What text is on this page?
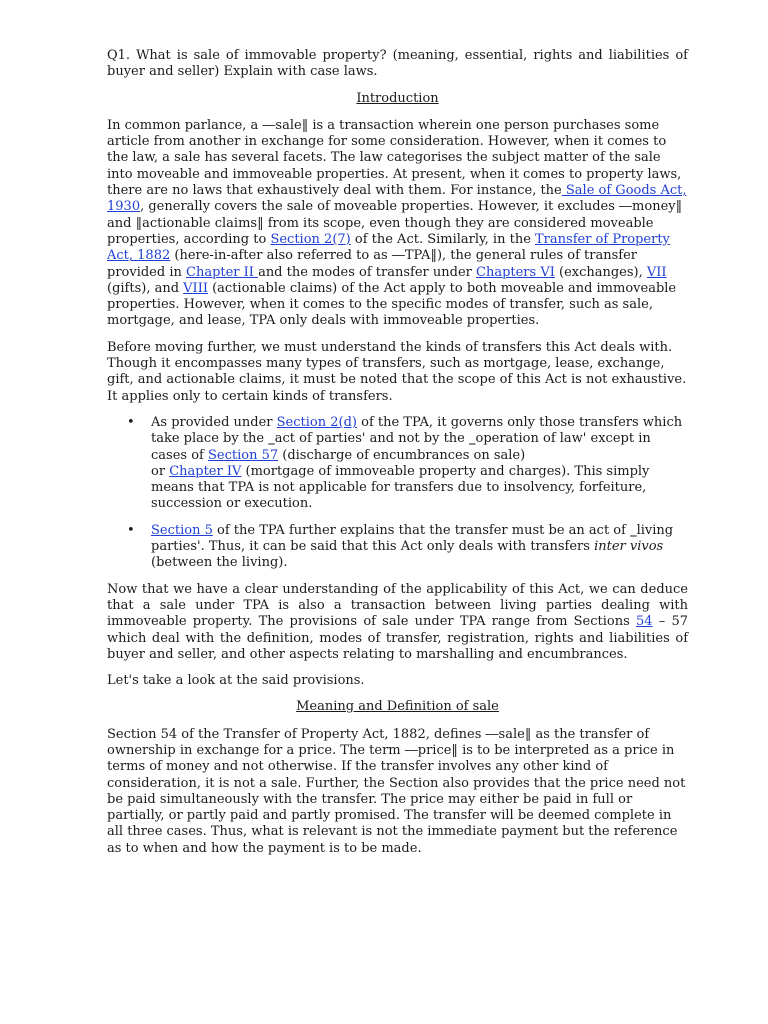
Q1. What is sale of immovable property? (meaning, essential, rights and liabilities of buyer and seller) Explain with case laws.

Introduction

In common parlance, a ―sale‖ is a transaction wherein one person purchases some article from another in exchange for some consideration. However, when it comes to the law, a sale has several facets. The law categorises the subject matter of the sale into moveable and immoveable properties. At present, when it comes to property laws, there are no laws that exhaustively deal with them. For instance, the Sale of Goods Act, 1930, generally covers the sale of moveable properties. However, it excludes ―money‖ and ‖actionable claims‖ from its scope, even though they are considered moveable properties, according to Section 2(7) of the Act. Similarly, in the Transfer of Property Act, 1882 (here-in-after also referred to as ―TPA‖), the general rules of transfer provided in Chapter II and the modes of transfer under Chapters VI (exchanges), VII (gifts), and VIII (actionable claims) of the Act apply to both moveable and immoveable properties. However, when it comes to the specific modes of transfer, such as sale, mortgage, and lease, TPA only deals with immoveable properties.

Before moving further, we must understand the kinds of transfers this Act deals with. Though it encompasses many types of transfers, such as mortgage, lease, exchange, gift, and actionable claims, it must be noted that the scope of this Act is not exhaustive. It applies only to certain kinds of transfers.

• As provided under Section 2(d) of the TPA, it governs only those transfers which take place by the ‗act of parties' and not by the ‗operation of law' except in cases of Section 57 (discharge of encumbrances on sale)
or Chapter IV (mortgage of immoveable property and charges). This simply means that TPA is not applicable for transfers due to insolvency, forfeiture, succession or execution.
• Section 5 of the TPA further explains that the transfer must be an act of ‗living parties'. Thus, it can be said that this Act only deals with transfers inter vivos (between the living).

Now that we have a clear understanding of the applicability of this Act, we can deduce that a sale under TPA is also a transaction between living parties dealing with immoveable property. The provisions of sale under TPA range from Sections 54 – 57 which deal with the definition, modes of transfer, registration, rights and liabilities of buyer and seller, and other aspects relating to marshalling and encumbrances.

Let's take a look at the said provisions.

Meaning and Definition of sale

Section 54 of the Transfer of Property Act, 1882, defines ―sale‖ as the transfer of ownership in exchange for a price. The term ―price‖ is to be interpreted as a price in terms of money and not otherwise. If the transfer involves any other kind of consideration, it is not a sale. Further, the Section also provides that the price need not be paid simultaneously with the transfer. The price may either be paid in full or partially, or partly paid and partly promised. The transfer will be deemed complete in all three cases. Thus, what is relevant is not the immediate payment but the reference as to when and how the payment is to be made.
